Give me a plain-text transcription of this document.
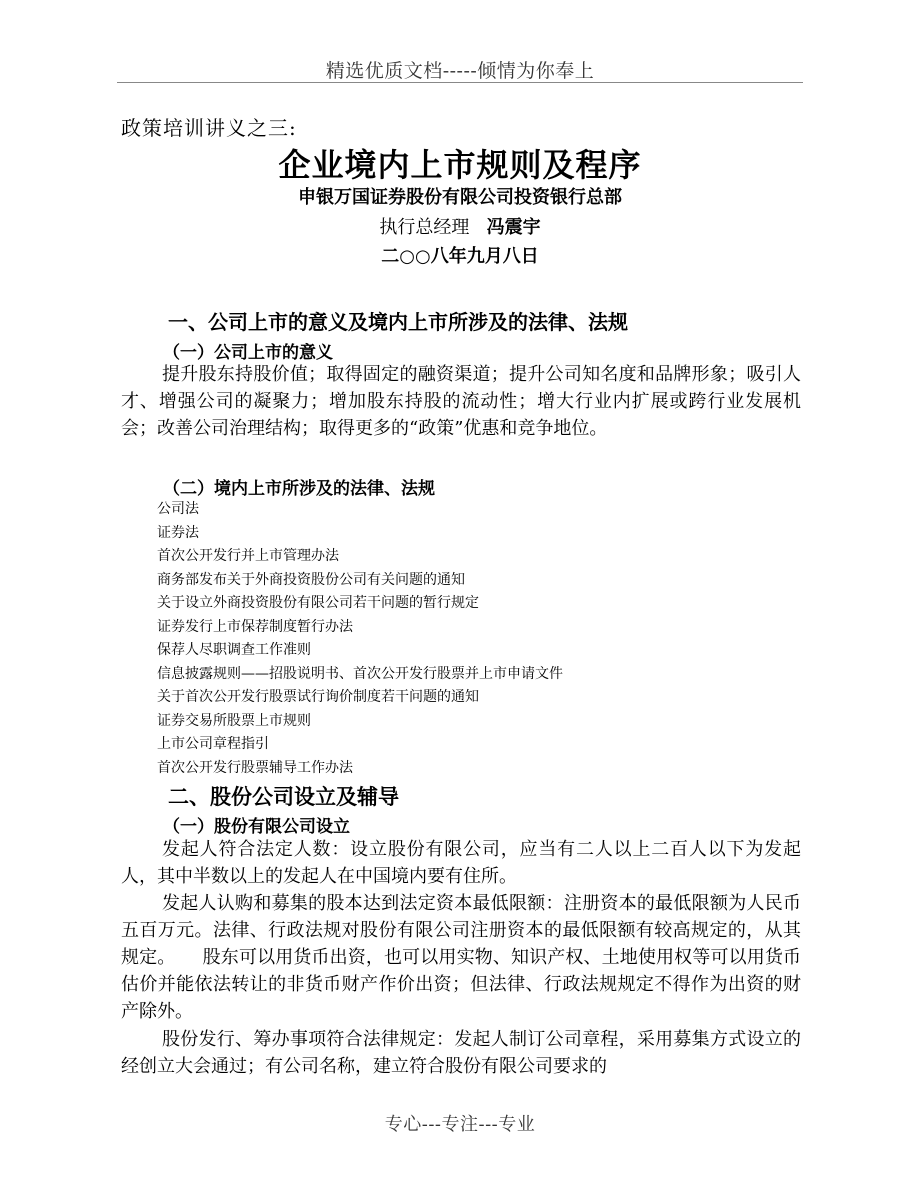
精选优质文档-----倾情为你奉上
政策培训讲义之三:
企业境内上市规则及程序
申银万国证券股份有限公司投资银行总部
执行总经理 冯震宇
二○○八年九月八日
一、公司上市的意义及境内上市所涉及的法律、法规
（一）公司上市的意义
提升股东持股价值；取得固定的融资渠道；提升公司知名度和品牌形象；吸引人才、增强公司的凝聚力；增加股东持股的流动性；增大行业内扩展或跨行业发展机会；改善公司治理结构；取得更多的“政策”优惠和竞争地位。
（二）境内上市所涉及的法律、法规
公司法
证券法
首次公开发行并上市管理办法
商务部发布关于外商投资股份公司有关问题的通知
关于设立外商投资股份有限公司若干问题的暂行规定
证券发行上市保荐制度暂行办法
保荐人尽职调查工作准则
信息披露规则——招股说明书、首次公开发行股票并上市申请文件
关于首次公开发行股票试行询价制度若干问题的通知
证券交易所股票上市规则
上市公司章程指引
首次公开发行股票辅导工作办法
二、股份公司设立及辅导
（一）股份有限公司设立
发起人符合法定人数：设立股份有限公司，应当有二人以上二百人以下为发起人，其中半数以上的发起人在中国境内要有住所。
发起人认购和募集的股本达到法定资本最低限额：注册资本的最低限额为人民币五百万元。法律、行政法规对股份有限公司注册资本的最低限额有较高规定的，从其规定。　　股东可以用货币出资，也可以用实物、知识产权、土地使用权等可以用货币估价并能依法转让的非货币财产作价出资；但法律、行政法规规定不得作为出资的财产除外。
股份发行、筹办事项符合法律规定：发起人制订公司章程，采用募集方式设立的经创立大会通过；有公司名称，建立符合股份有限公司要求的
专心---专注---专业
